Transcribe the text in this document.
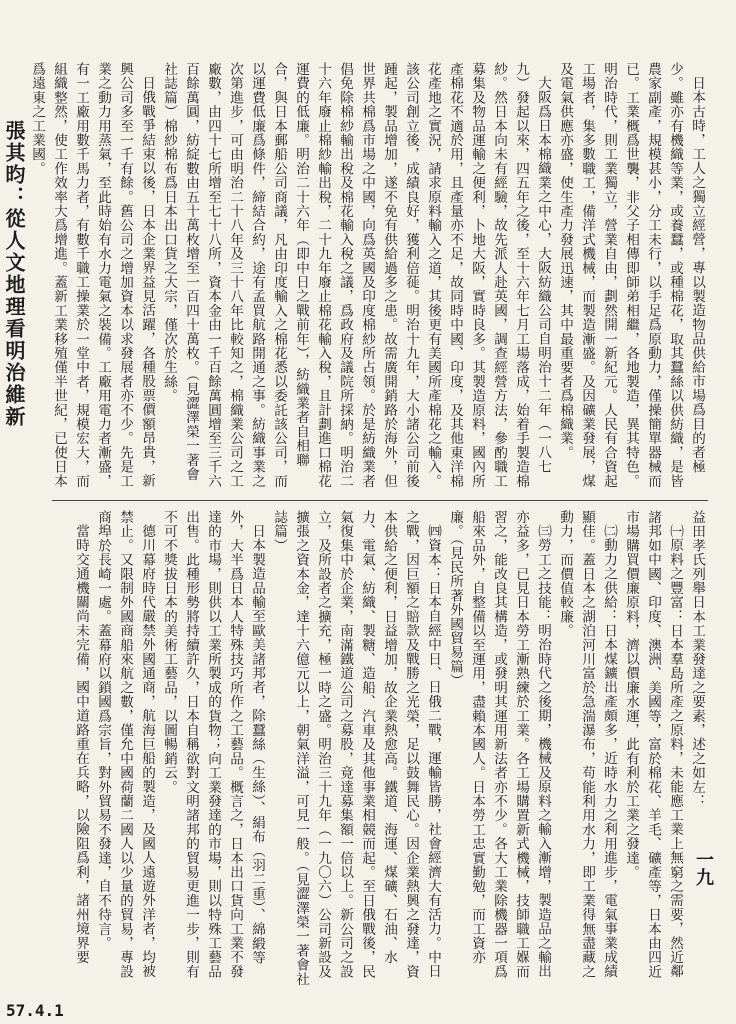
日本古時，工人之獨立經營，專以製造物品供給市場爲目的者極少。雖亦有機織等業，或養蠶，或種棉花，取其蠶絲以供紡織，是皆農家副產，規模甚小，分工未行，以手足爲原動力，僅操簡單器械而已。工業概爲世襲，非父子相傳即師弟相繼，各地製造，異其特色。明治時代，則工業獨立，營業自由，劃然開一新紀元。人民有合資起工場者，集多數職工，備洋式機械，而製造漸盛。及因礦業發展，煤及電氣供應亦盛，使生產力發展迅速，其中最重要者爲棉織業。

大阪爲日本棉織業之中心，大阪紡織公司自明治十二年（一八七九）發起以來，四五年之後，至十六年七月工場落成，始着手製造棉紗。然日本向未有經驗，故先派人赴英國，調查經營方法，參酌職工募集及物品運輸之便利，卜地大阪，實時良多。其製造原料，國內所產棉花不適於用，且產量亦不足，故同時中國、印度，及其他東洋棉花產地之實況，請求原料輸入之道，其後更有美國所產棉花之輸入。該公司創立後，成績良好，獲利倍蓰。明治十九年，大小諸公司前後踵起，製品增加，遂不免有供給過多之患。故需廣開銷路於海外，但世界共棉爲市場之中國，向爲英國及印度棉紗所占領。於是紡織業者倡免除棉紗輸出稅及棉花輸入稅之議，爲政府及議院所採納。明治二十六年廢止棉紗輸出稅，二十九年廢止棉花輸入稅，且計劃進口棉花運費的低廉。明治二十六年（即中日之戰前年），紡織業者自相聯合，與日本郵船公司商議，凡由印度輸入之棉花悉以委託該公司，而以運費低廉爲條件，締結合約，途有孟買航路開通之事。紡織事業之次第進步，可由明治二十八年及三十八年比較知之，棉織業公司之工廠數，由四十七所增至七十八所，資本金由一千百餘萬圓增至三千六百餘萬圓，紡綻數由五十萬枚增至一百四十萬枚。（見澀澤榮一著會社誌篇）棉紗棉布爲日本出口貨之大宗，僅次於生絲。

日俄戰爭結束以後，日本企業界益見活躍，各種股票價額昂貴，新興公司多至一千有餘。舊公司之增加資本以求發展者亦不少。先是工業之動力用蒸氣，至此時始有水力電氣之裝備。工廠用電力者漸盛，有一工廠用數千馬力者，有數千職工操業於一堂中者，規模宏大，而組織整然，使工作效率大爲增進。蓋新工業移殖僅半世紀，已使日本爲遠東之工業國。

張其昀：從人文地理看明治維新

益田孝氏列舉日本工業發達之要素，述之如左：

㈠原料之豐富：日本羣島所產之原料，未能應工業上無窮之需要，然近鄰諸邦如中國、印度、澳洲、美國等，富於棉花、羊毛、礦產等，日本由四近市場購買價廉原料，濟以價廉水運，此有利於工業之發達。

㈡動力之供給：日本煤鑛出產頗多，近時水力之利用進步，電氣事業成績顯佳。蓋日本之湖泊河川富於急湍瀑布，苟能利用水力，即工業得無盡藏之動力，而價值較廉。

㈢勞工之技能：明治時代之後期，機械及原料之輸入漸增，製造品之輸出亦益多，已見日本勞工漸熟練於工業。各工場購置新式機械，技師職工媬而習之，能改良其構造，或發明其運用新法者亦不少。各大工業除機器一項爲船來品外，自整備以至運用，盡賴本國人。日本勞工忠實勤勉，而工資亦廉。（見民所著外國貿易篇）

㈣資本：日本自經中日、日俄二戰，運輸皆勝，社會經濟大有活力。中日之戰，因巨額之賠款及戰勝之光榮，足以鼓舞民心。因企業熱興之發達，資本供給之便利，日益增加，故企業熱愈高。鐵道、海運、煤礦、石油、水力、電氣、紡織、製糖、造船、汽車及其他事業相競而起。至日俄戰後，民氣復集中於企業，南滿鐵道公司之募股，竟達募集額一倍以上。新公司之設立，及所設者之擴充，極一時之盛。明治三十九年（一九〇六）公司新設及擴張之資本金，達十六億元以上，朝氣洋溢，可見一般。（見澀澤榮一著會社誌篇）

日本製造品輸至歐美諸邦者，除蠶絲（生絲）、絹布（羽二重）、綿緞等外，大半爲日本人特殊技巧所作之工藝品。概言之，日本出口貨向工業不發達的市場，則供以工業所製成的貨物；向工業發達的市場，則以特殊工藝品出售。此種形勢將持續許久，日本自稱欲對文明諸邦的貿易更進一步，則有不可不獎拔日本的美術工藝品，以圖暢銷云。

德川幕府時代嚴禁外國通商，航海巨船的製造，及國人遠遊外洋者，均被禁止。又限制外國商船來航之數，僅允中國荷蘭二國人以少量的貿易，專設商埠於長崎一處。蓋幕府以鎖國爲宗旨，對外貿易不發達，自不待言。

當時交通機關尚未完備，國中道路重在兵略，以險阻爲利，諸州境界要	一九
57.4.1
